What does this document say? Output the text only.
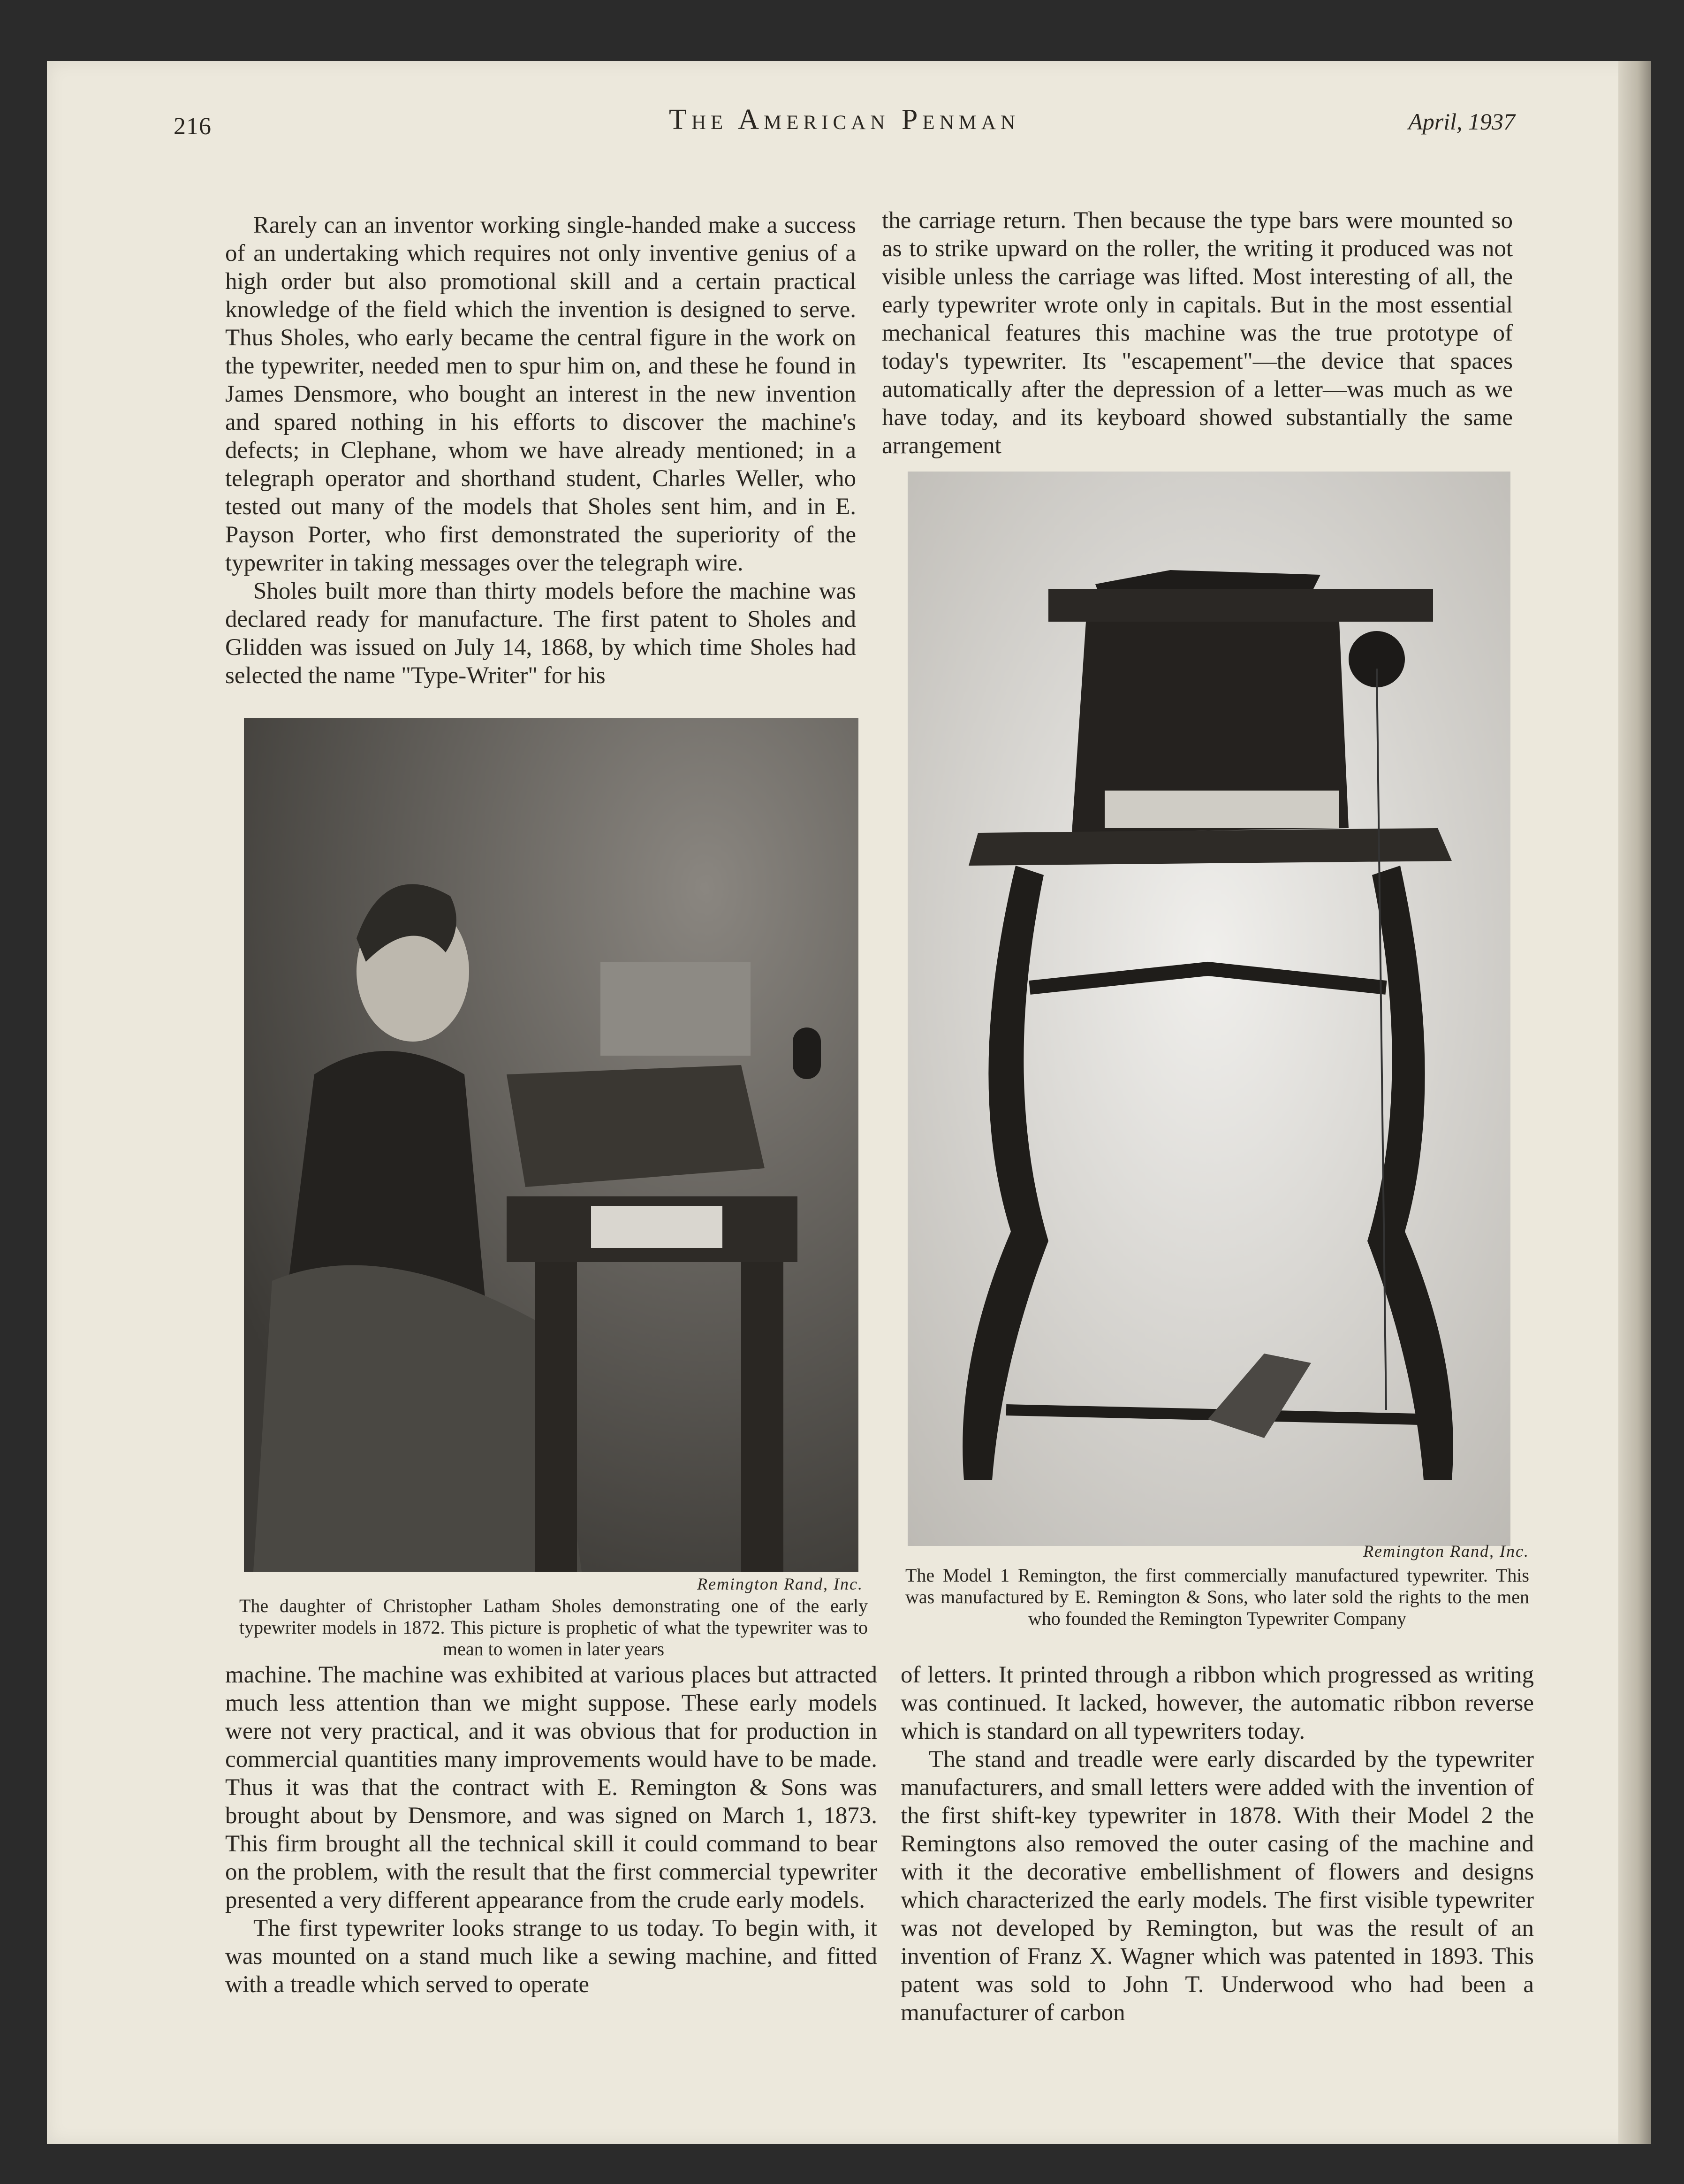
216	The American Penman	April, 1937

Rarely can an inventor working single-handed make a success of an undertaking which requires not only inventive genius of a high order but also promotional skill and a certain practical knowledge of the field which the invention is designed to serve. Thus Sholes, who early became the central figure in the work on the typewriter, needed men to spur him on, and these he found in James Densmore, who bought an interest in the new invention and spared nothing in his efforts to discover the machine's defects; in Clephane, whom we have already mentioned; in a telegraph operator and shorthand student, Charles Weller, who tested out many of the models that Sholes sent him, and in E. Payson Porter, who first demonstrated the superiority of the typewriter in taking messages over the telegraph wire.

Sholes built more than thirty models before the machine was declared ready for manufacture. The first patent to Sholes and Glidden was issued on July 14, 1868, by which time Sholes had selected the name "Type-Writer" for his

the carriage return. Then because the type bars were mounted so as to strike upward on the roller, the writing it produced was not visible unless the carriage was lifted. Most interesting of all, the early typewriter wrote only in capitals. But in the most essential mechanical features this machine was the true prototype of today's typewriter. Its "escapement"—the device that spaces automatically after the depression of a letter—was much as we have today, and its keyboard showed substantially the same arrangement

Remington Rand, Inc.
The daughter of Christopher Latham Sholes demonstrating one of the early typewriter models in 1872. This picture is prophetic of what the typewriter was to mean to women in later years
Remington Rand, Inc.
The Model 1 Remington, the first commercially manufactured typewriter. This was manufactured by E. Remington & Sons, who later sold the rights to the men who founded the Remington Typewriter Company

machine. The machine was exhibited at various places but attracted much less attention than we might suppose. These early models were not very practical, and it was obvious that for production in commercial quantities many improvements would have to be made. Thus it was that the contract with E. Remington & Sons was brought about by Densmore, and was signed on March 1, 1873. This firm brought all the technical skill it could command to bear on the problem, with the result that the first commercial typewriter presented a very different appearance from the crude early models.

The first typewriter looks strange to us today. To begin with, it was mounted on a stand much like a sewing machine, and fitted with a treadle which served to operate

of letters. It printed through a ribbon which progressed as writing was continued. It lacked, however, the automatic ribbon reverse which is standard on all typewriters today.

The stand and treadle were early discarded by the typewriter manufacturers, and small letters were added with the invention of the first shift-key typewriter in 1878. With their Model 2 the Remingtons also removed the outer casing of the machine and with it the decorative embellishment of flowers and designs which characterized the early models. The first visible typewriter was not developed by Remington, but was the result of an invention of Franz X. Wagner which was patented in 1893. This patent was sold to John T. Underwood who had been a manufacturer of carbon
